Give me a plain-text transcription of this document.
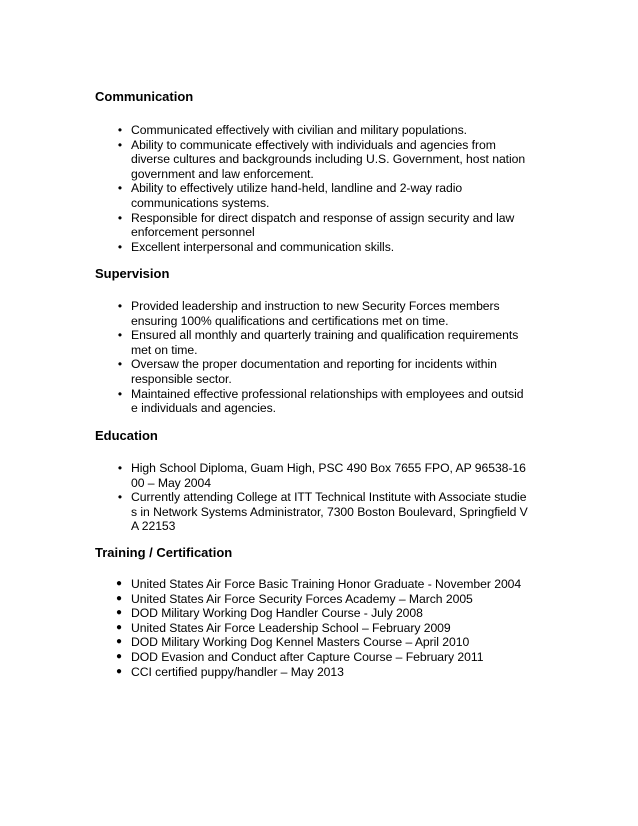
Communication

• Communicated effectively with civilian and military populations.
• Ability to communicate effectively with individuals and agencies from
diverse cultures and backgrounds including U.S. Government, host nation
government and law enforcement.
• Ability to effectively utilize hand-held, landline and 2-way radio
communications systems.
• Responsible for direct dispatch and response of assign security and law
enforcement personnel
• Excellent interpersonal and communication skills.

Supervision

• Provided leadership and instruction to new Security Forces members
ensuring 100% qualifications and certifications met on time.
• Ensured all monthly and quarterly training and qualification requirements
met on time.
• Oversaw the proper documentation and reporting for incidents within
responsible sector.
• Maintained effective professional relationships with employees and outsid
e individuals and agencies.

Education

• High School Diploma, Guam High, PSC 490 Box 7655 FPO, AP 96538-16
00 – May 2004
• Currently attending College at ITT Technical Institute with Associate studie
s in Network Systems Administrator, 7300 Boston Boulevard, Springfield V
A 22153

Training / Certification

● United States Air Force Basic Training Honor Graduate - November 2004
● United States Air Force Security Forces Academy – March 2005
● DOD Military Working Dog Handler Course - July 2008
● United States Air Force Leadership School – February 2009
● DOD Military Working Dog Kennel Masters Course – April 2010
● DOD Evasion and Conduct after Capture Course – February 2011
● CCI certified puppy/handler – May 2013
